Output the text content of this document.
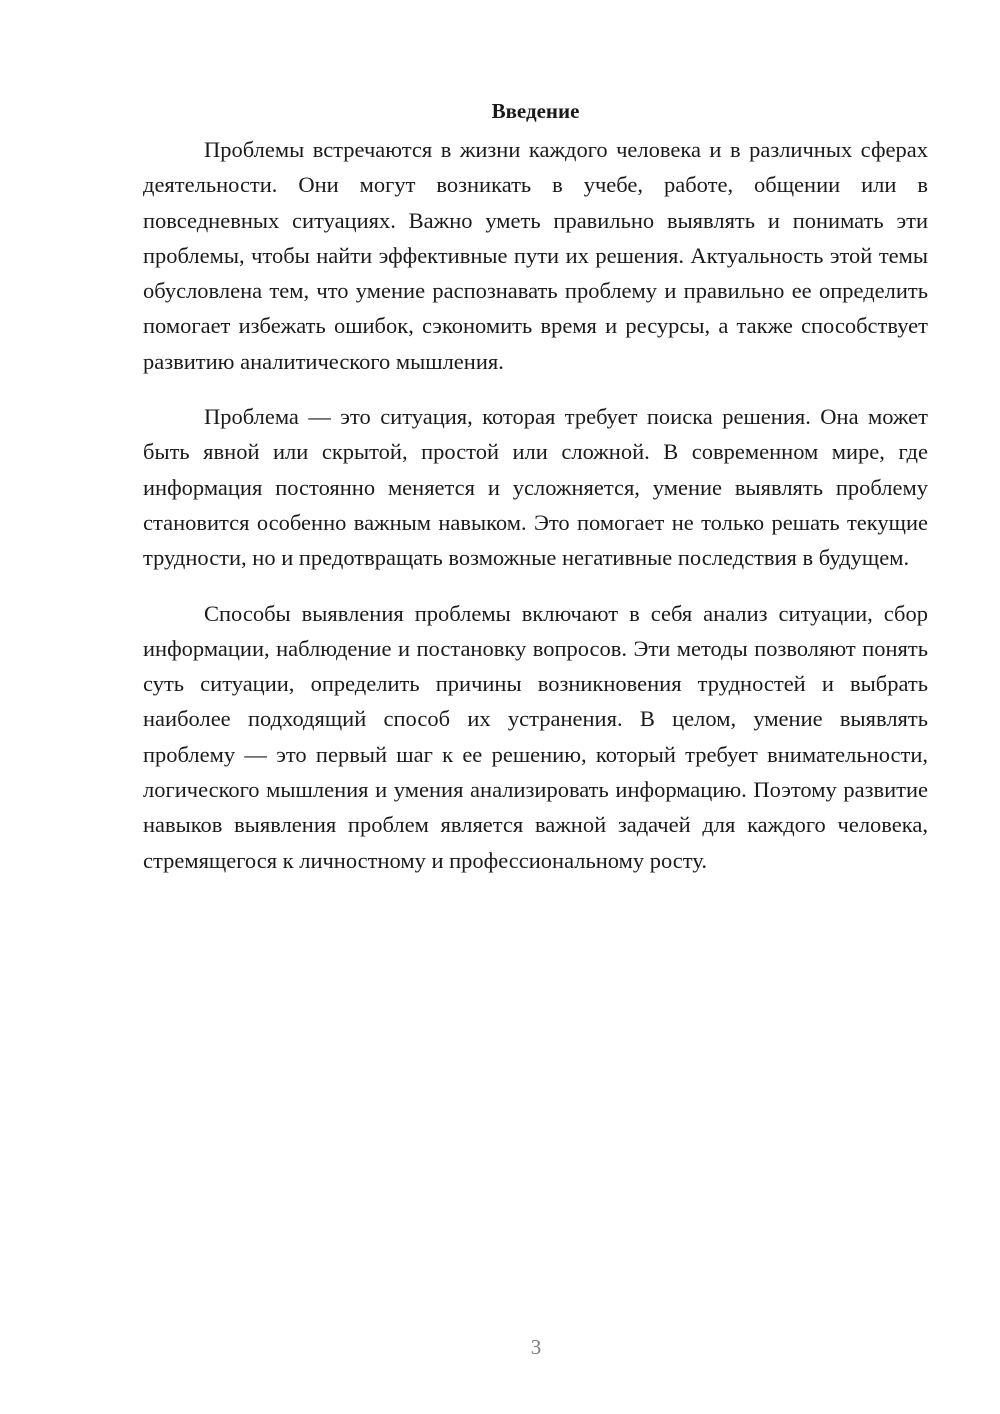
Введение

Проблемы встречаются в жизни каждого человека и в различных сферах деятельности. Они могут возникать в учебе, работе, общении или в повседневных ситуациях. Важно уметь правильно выявлять и понимать эти проблемы, чтобы найти эффективные пути их решения. Актуальность этой темы обусловлена тем, что умение распознавать проблему и правильно ее определить помогает избежать ошибок, сэкономить время и ресурсы, а также способствует развитию аналитического мышления.

Проблема — это ситуация, которая требует поиска решения. Она может быть явной или скрытой, простой или сложной. В современном мире, где информация постоянно меняется и усложняется, умение выявлять проблему становится особенно важным навыком. Это помогает не только решать текущие трудности, но и предотвращать возможные негативные последствия в будущем.

Способы выявления проблемы включают в себя анализ ситуации, сбор информации, наблюдение и постановку вопросов. Эти методы позволяют понять суть ситуации, определить причины возникновения трудностей и выбрать наиболее подходящий способ их устранения. В целом, умение выявлять проблему — это первый шаг к ее решению, который требует внимательности, логического мышления и умения анализировать информацию. Поэтому развитие навыков выявления проблем является важной задачей для каждого человека, стремящегося к личностному и профессиональному росту.

3
